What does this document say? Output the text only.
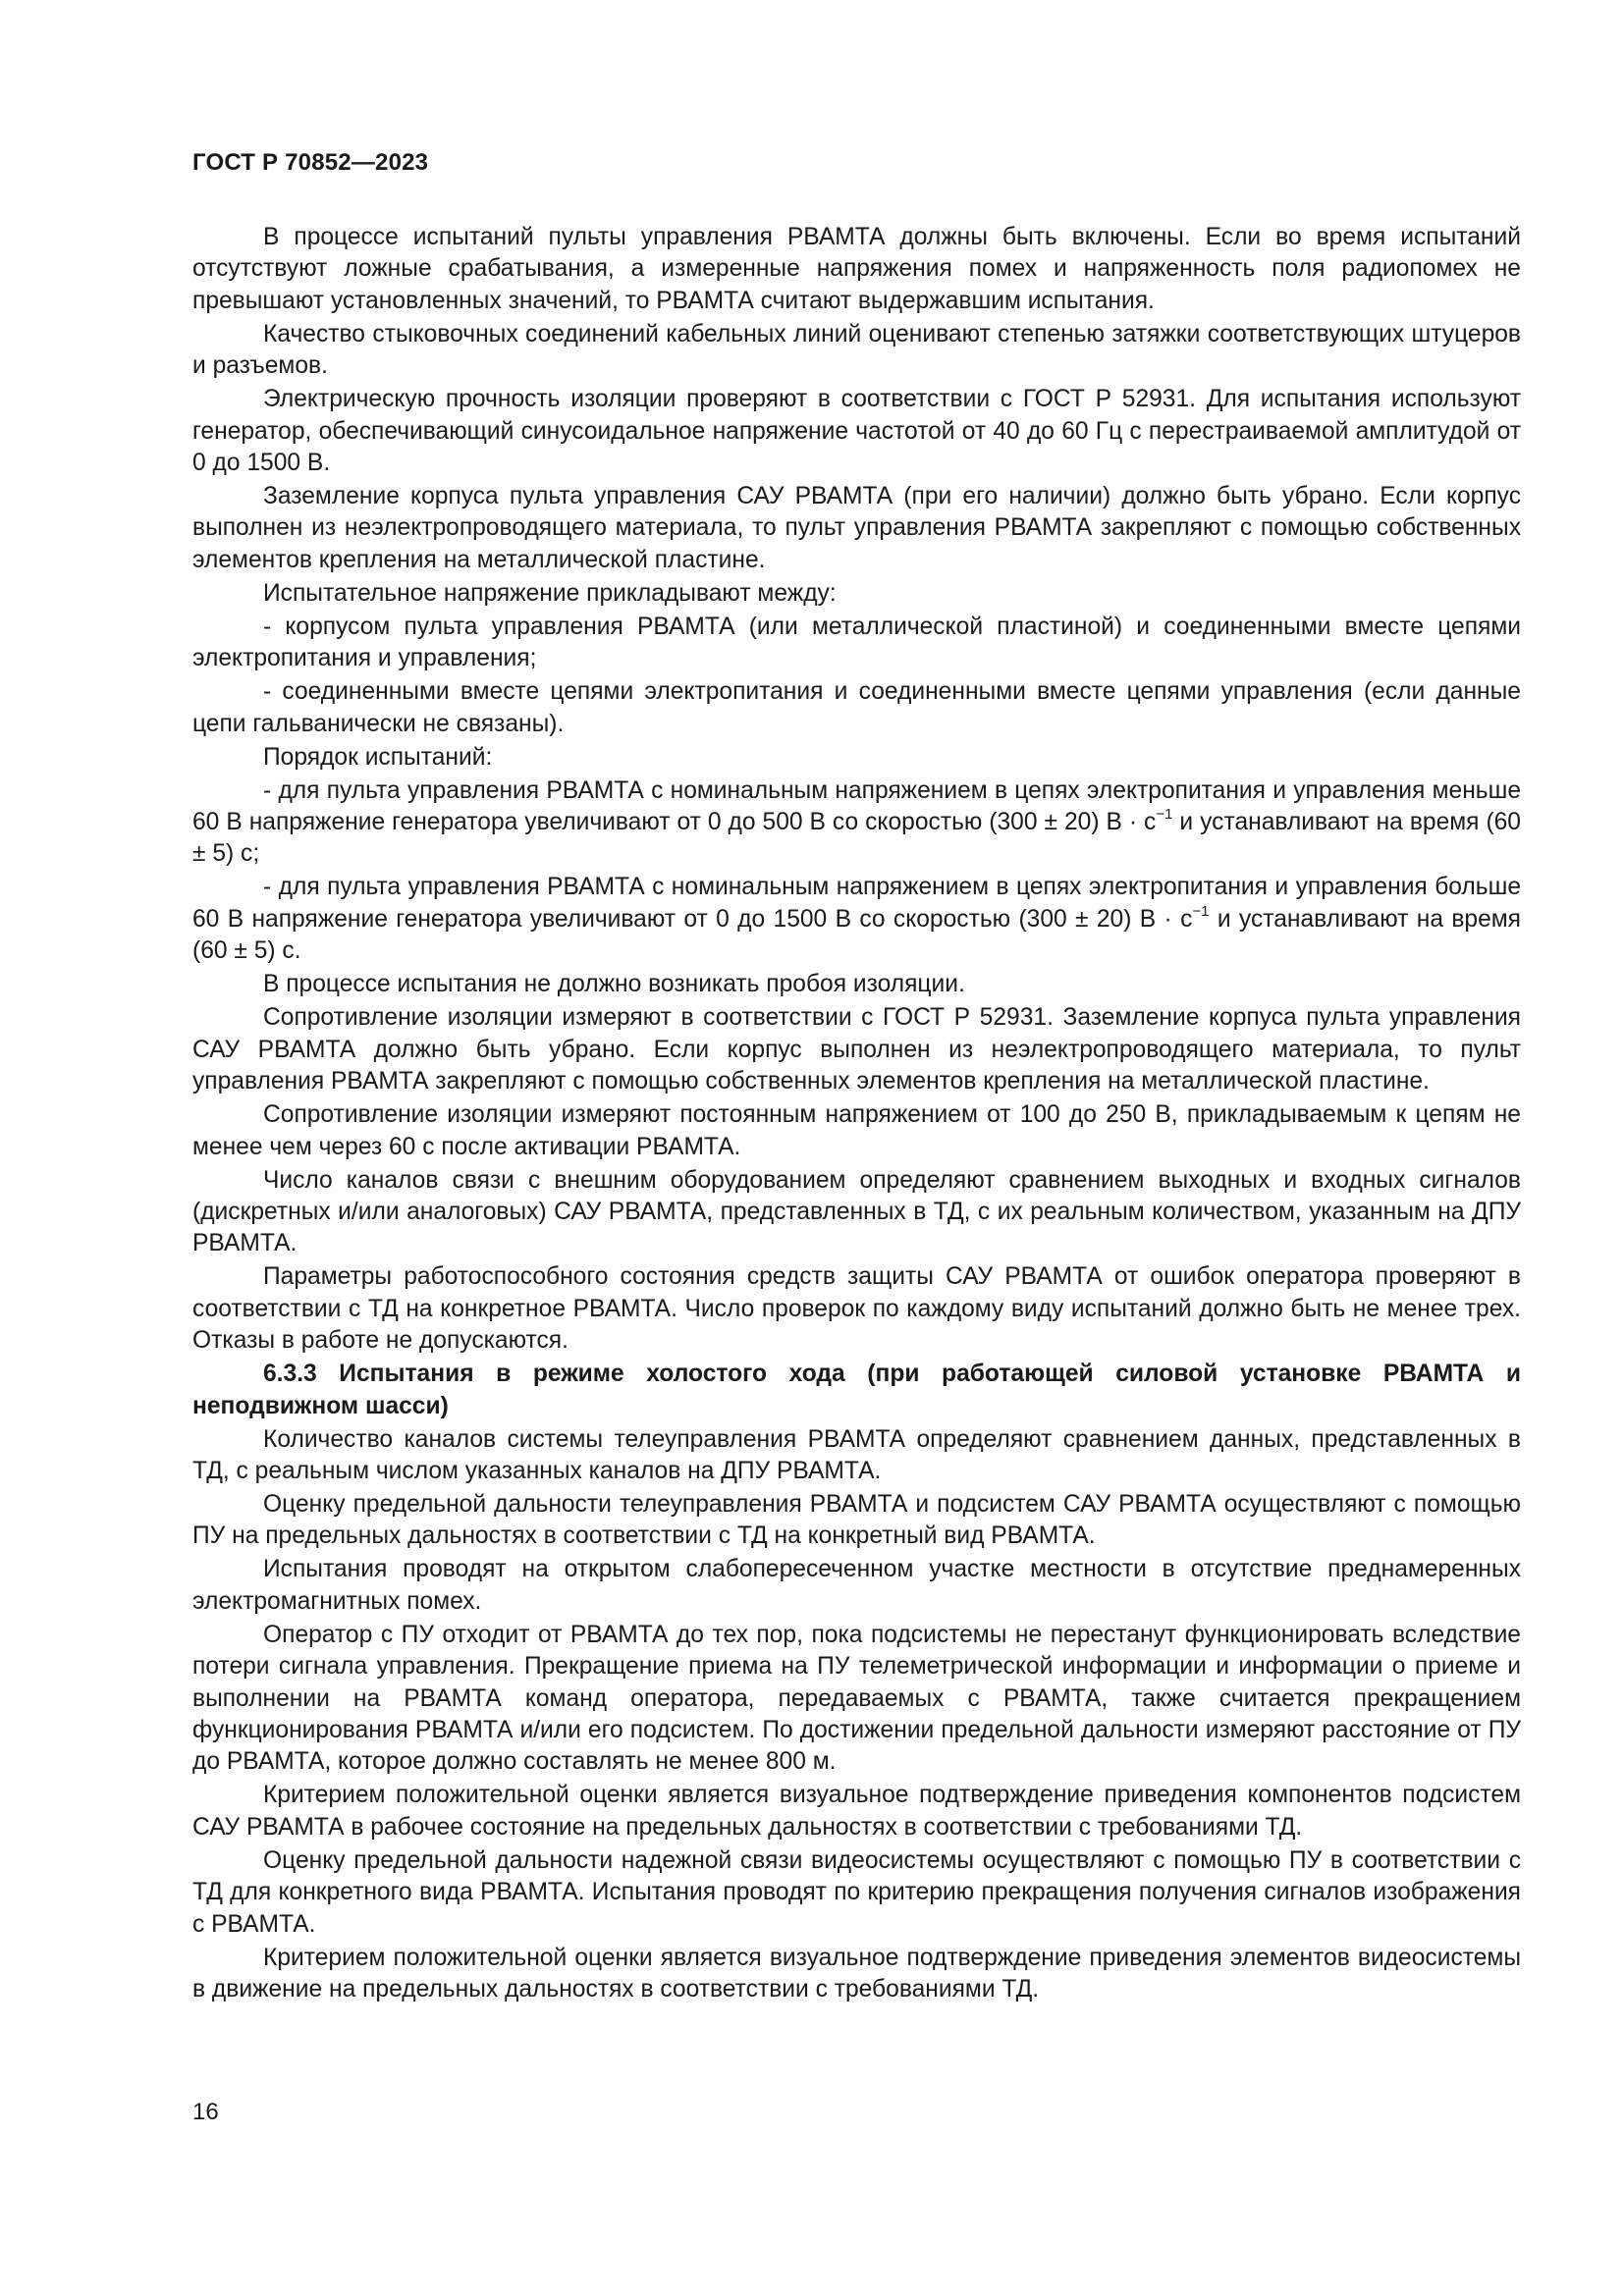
ГОСТ Р 70852—2023

В процессе испытаний пульты управления РВАМТА должны быть включены. Если во время испытаний отсутствуют ложные срабатывания, а измеренные напряжения помех и напряженность поля радиопомех не превышают установленных значений, то РВАМТА считают выдержавшим испытания.

Качество стыковочных соединений кабельных линий оценивают степенью затяжки соответствующих штуцеров и разъемов.

Электрическую прочность изоляции проверяют в соответствии с ГОСТ Р 52931. Для испытания используют генератор, обеспечивающий синусоидальное напряжение частотой от 40 до 60 Гц с перестраиваемой амплитудой от 0 до 1500 В.

Заземление корпуса пульта управления САУ РВАМТА (при его наличии) должно быть убрано. Если корпус выполнен из неэлектропроводящего материала, то пульт управления РВАМТА закрепляют с помощью собственных элементов крепления на металлической пластине.

Испытательное напряжение прикладывают между:

- корпусом пульта управления РВАМТА (или металлической пластиной) и соединенными вместе цепями электропитания и управления;

- соединенными вместе цепями электропитания и соединенными вместе цепями управления (если данные цепи гальванически не связаны).

Порядок испытаний:

- для пульта управления РВАМТА с номинальным напряжением в цепях электропитания и управления меньше 60 В напряжение генератора увеличивают от 0 до 500 В со скоростью (300 ± 20) $В \cdot с^{-1}$ и устанавливают на время (60 ± 5) с;

- для пульта управления РВАМТА с номинальным напряжением в цепях электропитания и управления больше 60 В напряжение генератора увеличивают от 0 до 1500 В со скоростью (300 ± 20) $В \cdot с^{-1}$ и устанавливают на время (60 ± 5) с.

В процессе испытания не должно возникать пробоя изоляции.

Сопротивление изоляции измеряют в соответствии с ГОСТ Р 52931. Заземление корпуса пульта управления САУ РВАМТА должно быть убрано. Если корпус выполнен из неэлектропроводящего материала, то пульт управления РВАМТА закрепляют с помощью собственных элементов крепления на металлической пластине.

Сопротивление изоляции измеряют постоянным напряжением от 100 до 250 В, прикладываемым к цепям не менее чем через 60 с после активации РВАМТА.

Число каналов связи с внешним оборудованием определяют сравнением выходных и входных сигналов (дискретных и/или аналоговых) САУ РВАМТА, представленных в ТД, с их реальным количеством, указанным на ДПУ РВАМТА.

Параметры работоспособного состояния средств защиты САУ РВАМТА от ошибок оператора проверяют в соответствии с ТД на конкретное РВАМТА. Число проверок по каждому виду испытаний должно быть не менее трех. Отказы в работе не допускаются.

6.3.3 Испытания в режиме холостого хода (при работающей силовой установке РВАМТА и неподвижном шасси)

Количество каналов системы телеуправления РВАМТА определяют сравнением данных, представленных в ТД, с реальным числом указанных каналов на ДПУ РВАМТА.

Оценку предельной дальности телеуправления РВАМТА и подсистем САУ РВАМТА осуществляют с помощью ПУ на предельных дальностях в соответствии с ТД на конкретный вид РВАМТА.

Испытания проводят на открытом слабопересеченном участке местности в отсутствие преднамеренных электромагнитных помех.

Оператор с ПУ отходит от РВАМТА до тех пор, пока подсистемы не перестанут функционировать вследствие потери сигнала управления. Прекращение приема на ПУ телеметрической информации и информации о приеме и выполнении на РВАМТА команд оператора, передаваемых с РВАМТА, также считается прекращением функционирования РВАМТА и/или его подсистем. По достижении предельной дальности измеряют расстояние от ПУ до РВАМТА, которое должно составлять не менее 800 м.

Критерием положительной оценки является визуальное подтверждение приведения компонентов подсистем САУ РВАМТА в рабочее состояние на предельных дальностях в соответствии с требованиями ТД.

Оценку предельной дальности надежной связи видеосистемы осуществляют с помощью ПУ в соответствии с ТД для конкретного вида РВАМТА. Испытания проводят по критерию прекращения получения сигналов изображения с РВАМТА.

Критерием положительной оценки является визуальное подтверждение приведения элементов видеосистемы в движение на предельных дальностях в соответствии с требованиями ТД.

16
